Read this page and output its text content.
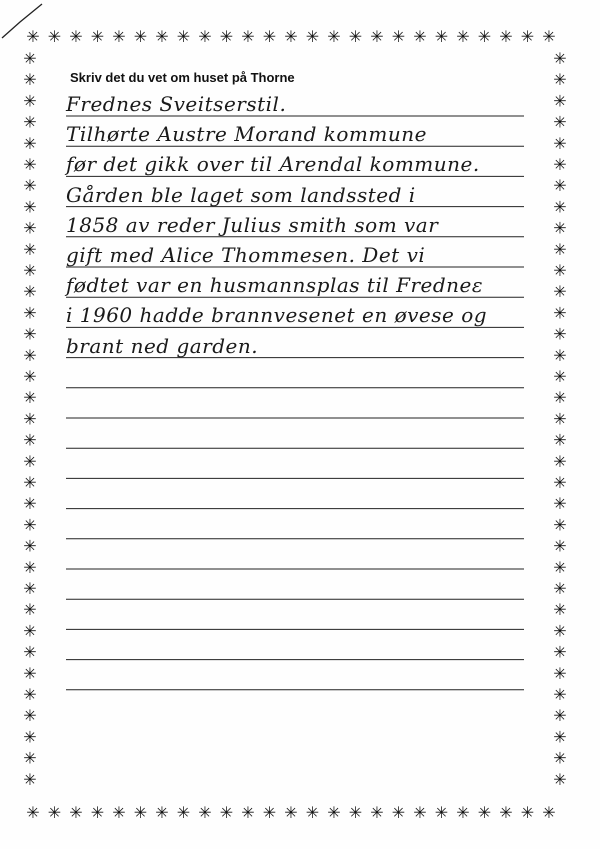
✳
✳
✳
✳
✳
✳
✳
✳
✳
✳
✳
✳
✳
✳
✳
✳
✳
✳
✳
✳
✳
✳
✳
✳
✳
✳
✳
✳
✳
✳
✳
✳
✳
✳
✳
✳
✳
✳
✳
✳
✳
✳
✳
✳
✳
✳
✳
✳
✳
✳
✳	✳
✳	✳
✳	✳
✳	✳
✳	✳
✳	✳
✳	✳
✳	✳
✳	✳
✳	✳
✳	✳
✳	✳
✳	✳
✳	✳
✳	✳
✳	✳
✳	✳
✳	✳
✳	✳
✳	✳
✳	✳
✳	✳
✳	✳
✳	✳
✳	✳
✳	✳
✳	✳
✳	✳
✳	✳
✳	✳
✳	✳
✳	✳
✳	✳
✳	✳
✳	✳
Skriv det du vet om huset på Thorne
Frednes Sveitserstil.
Tilhørte Austre Morand kommune
før det gikk over til Arendal kommune.
Gården ble laget som landssted i
1858 av reder Julius smith som var
gift med Alice Thommesen. Det vi
fødtet var en husmannsplas til Fredneɛ
i 1960 hadde brannvesenet en øvese og
brant ned garden.
